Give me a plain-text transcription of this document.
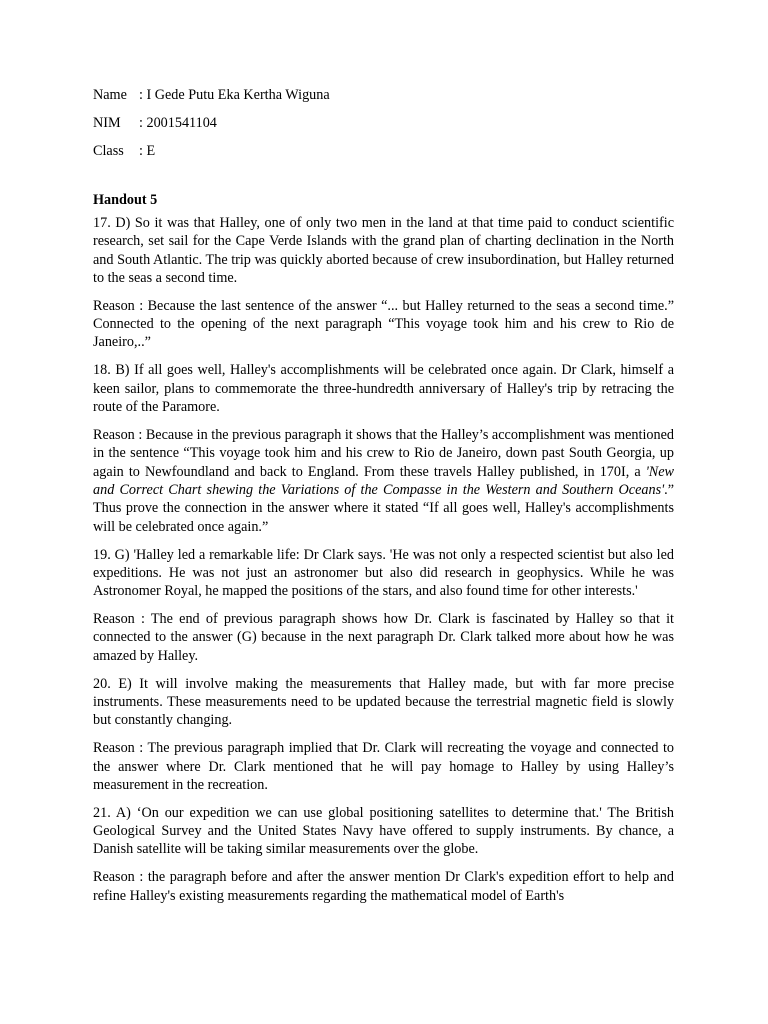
Name : I Gede Putu Eka Kertha Wiguna
NIM : 2001541104
Class : E
Handout 5

17. D) So it was that Halley, one of only two men in the land at that time paid to conduct scientific research, set sail for the Cape Verde Islands with the grand plan of charting declination in the North and South Atlantic. The trip was quickly aborted because of crew insubordination, but Halley returned to the seas a second time.

Reason : Because the last sentence of the answer “... but Halley returned to the seas a second time.” Connected to the opening of the next paragraph “This voyage took him and his crew to Rio de Janeiro,..”

18. B) If all goes well, Halley's accomplishments will be celebrated once again. Dr Clark, himself a keen sailor, plans to commemorate the three-hundredth anniversary of Halley's trip by retracing the route of the Paramore.

Reason : Because in the previous paragraph it shows that the Halley’s accomplishment was mentioned in the sentence “This voyage took him and his crew to Rio de Janeiro, down past South Georgia, up again to Newfoundland and back to England. From these travels Halley published, in 170I, a 'New and Correct Chart shewing the Variations of the Compasse in the Western and Southern Oceans'.” Thus prove the connection in the answer where it stated “If all goes well, Halley's accomplishments will be celebrated once again.”

19. G) 'Halley led a remarkable life: Dr Clark says. 'He was not only a respected scientist but also led expeditions. He was not just an astronomer but also did research in geophysics. While he was Astronomer Royal, he mapped the positions of the stars, and also found time for other interests.'

Reason : The end of previous paragraph shows how Dr. Clark is fascinated by Halley so that it connected to the answer (G) because in the next paragraph Dr. Clark talked more about how he was amazed by Halley.

20. E) It will involve making the measurements that Halley made, but with far more precise instruments. These measurements need to be updated because the terrestrial magnetic field is slowly but constantly changing.

Reason : The previous paragraph implied that Dr. Clark will recreating the voyage and connected to the answer where Dr. Clark mentioned that he will pay homage to Halley by using Halley’s measurement in the recreation.

21. A) ‘On our expedition we can use global positioning satellites to determine that.' The British Geological Survey and the United States Navy have offered to supply instruments. By chance, a Danish satellite will be taking similar measurements over the globe.

Reason : the paragraph before and after the answer mention Dr Clark's expedition effort to help and refine Halley's existing measurements regarding the mathematical model of Earth's
